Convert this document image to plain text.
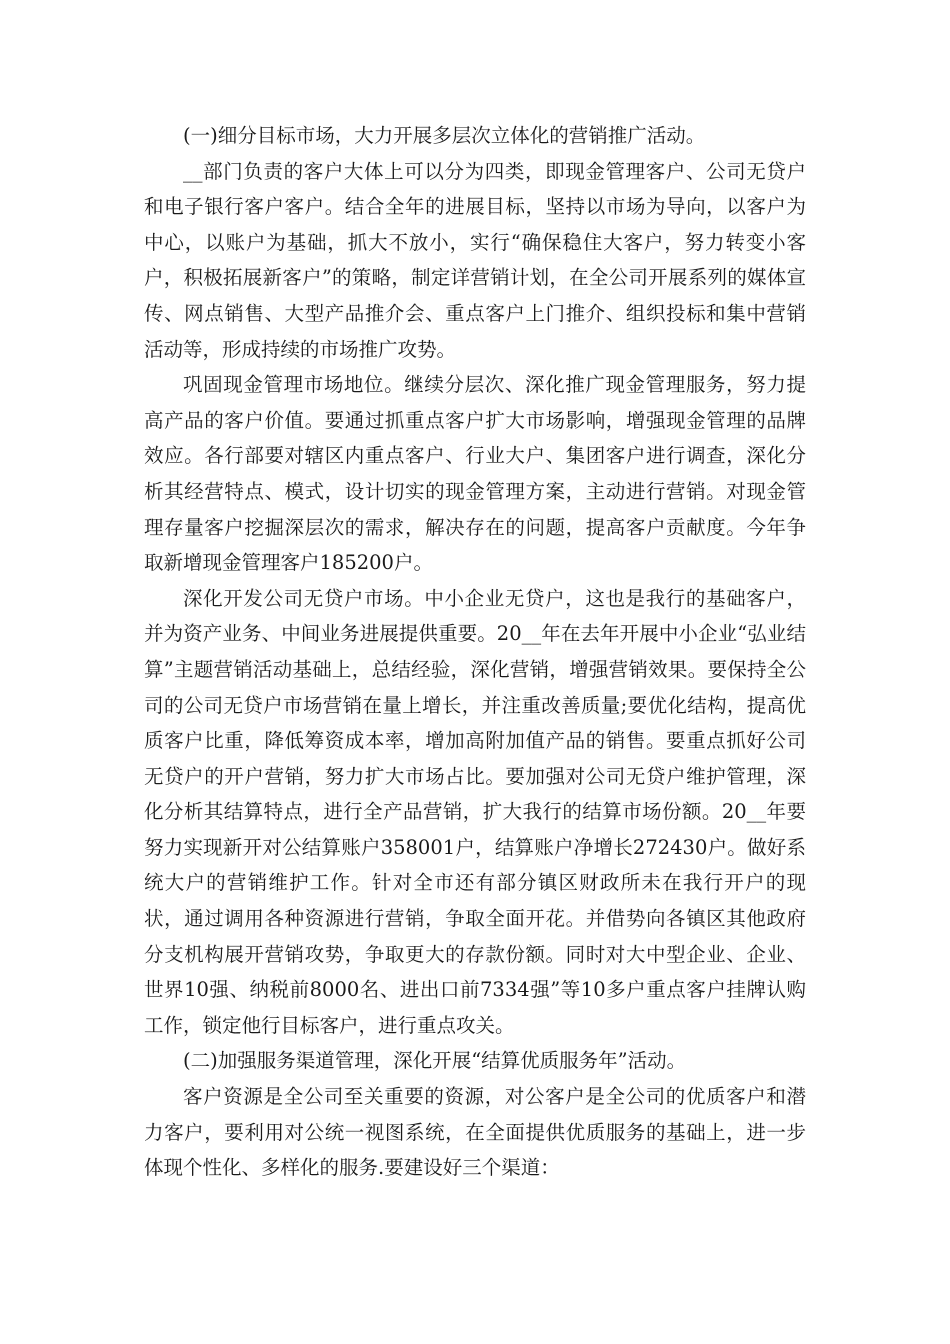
(一)细分目标市场，大力开展多层次立体化的营销推广活动。

__部门负责的客户大体上可以分为四类，即现金管理客户、公司无贷户和电子银行客户客户。结合全年的进展目标，坚持以市场为导向，以客户为中心，以账户为基础，抓大不放小，实行“确保稳住大客户，努力转变小客户，积极拓展新客户”的策略，制定详营销计划，在全公司开展系列的媒体宣传、网点销售、大型产品推介会、重点客户上门推介、组织投标和集中营销活动等，形成持续的市场推广攻势。

巩固现金管理市场地位。继续分层次、深化推广现金管理服务，努力提高产品的客户价值。要通过抓重点客户扩大市场影响，增强现金管理的品牌效应。各行部要对辖区内重点客户、行业大户、集团客户进行调查，深化分析其经营特点、模式，设计切实的现金管理方案，主动进行营销。对现金管理存量客户挖掘深层次的需求，解决存在的问题，提高客户贡献度。今年争取新增现金管理客户185200户。

深化开发公司无贷户市场。中小企业无贷户，这也是我行的基础客户，并为资产业务、中间业务进展提供重要。20__年在去年开展中小企业“弘业结算”主题营销活动基础上，总结经验，深化营销，增强营销效果。要保持全公司的公司无贷户市场营销在量上增长，并注重改善质量;要优化结构，提高优质客户比重，降低筹资成本率，增加高附加值产品的销售。要重点抓好公司无贷户的开户营销，努力扩大市场占比。要加强对公司无贷户维护管理，深化分析其结算特点，进行全产品营销，扩大我行的结算市场份额。20__年要努力实现新开对公结算账户358001户，结算账户净增长272430户。做好系统大户的营销维护工作。针对全市还有部分镇区财政所未在我行开户的现状，通过调用各种资源进行营销，争取全面开花。并借势向各镇区其他政府分支机构展开营销攻势，争取更大的存款份额。同时对大中型企业、企业、世界10强、纳税前8000名、进出口前7334强”等10多户重点客户挂牌认购工作，锁定他行目标客户，进行重点攻关。

(二)加强服务渠道管理，深化开展“结算优质服务年”活动。

客户资源是全公司至关重要的资源，对公客户是全公司的优质客户和潜力客户，要利用对公统一视图系统，在全面提供优质服务的基础上，进一步体现个性化、多样化的服务.要建设好三个渠道：
